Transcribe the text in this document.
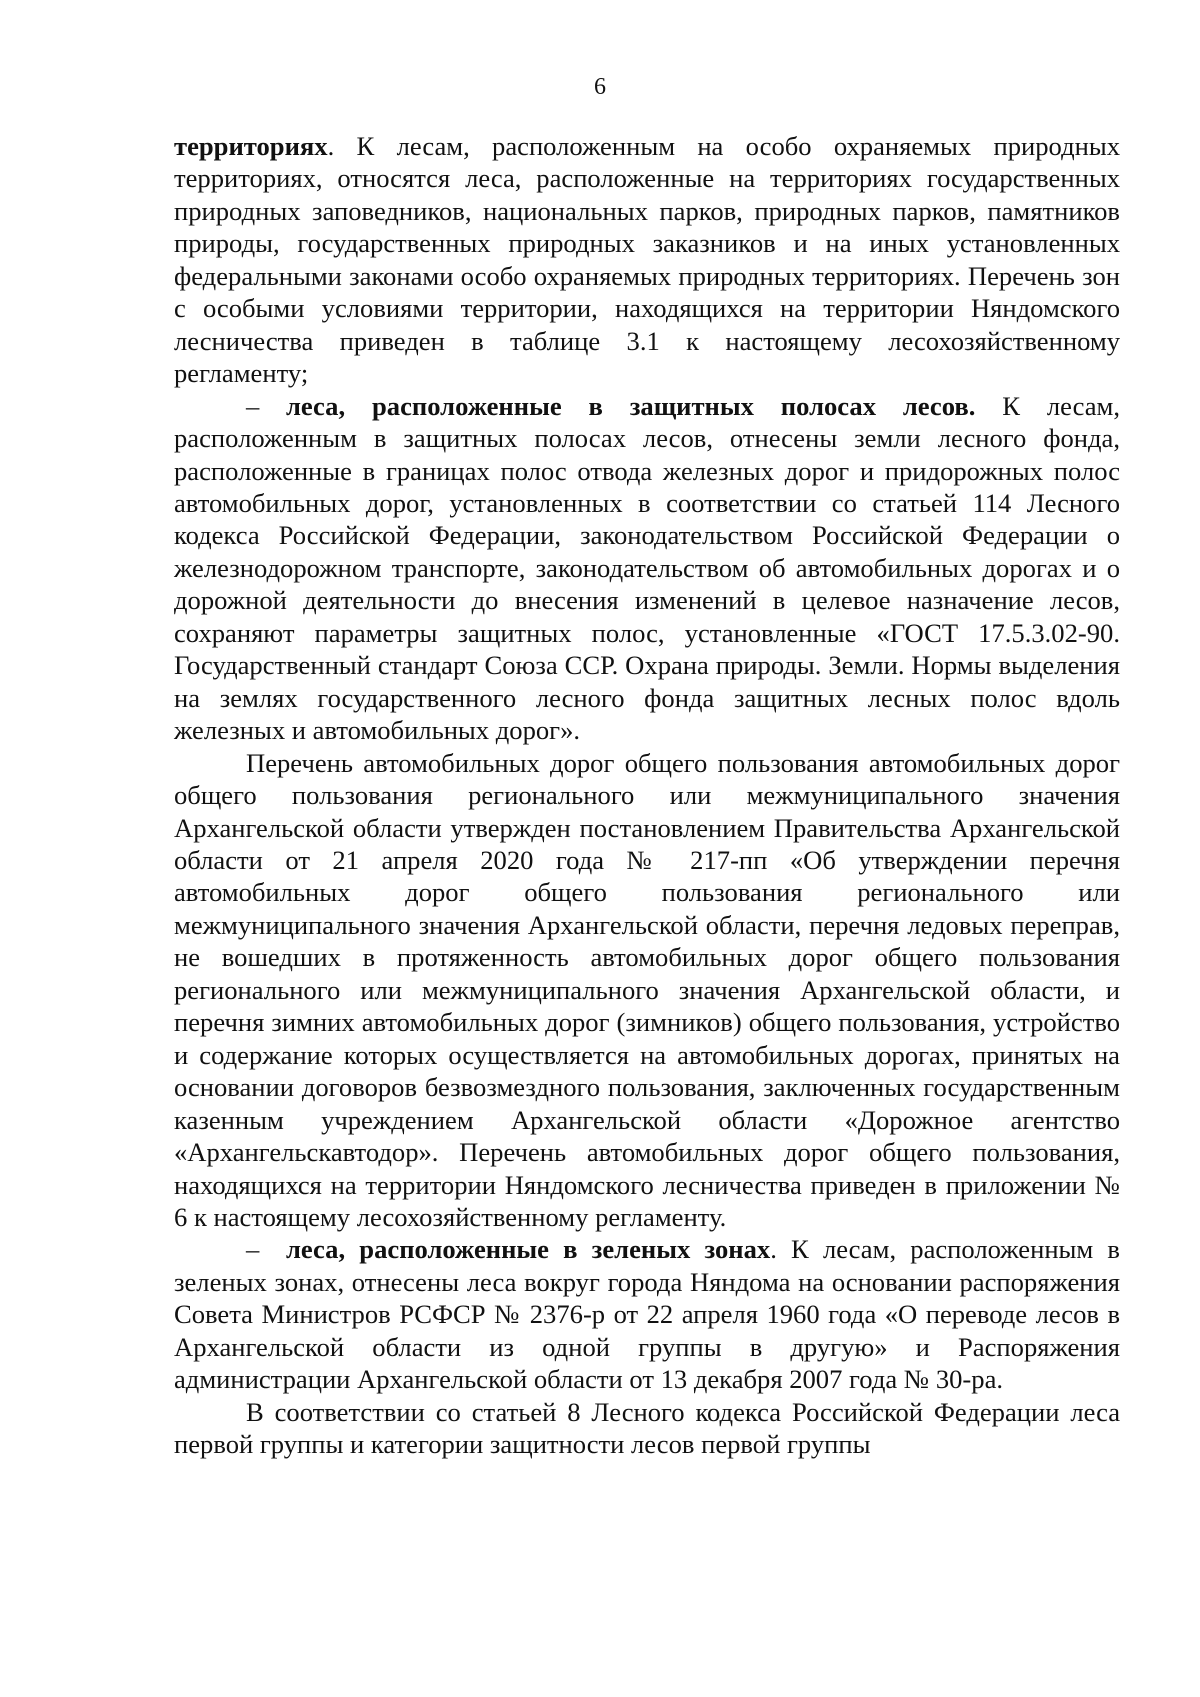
6

территориях. К лесам, расположенным на особо охраняемых природных территориях, относятся леса, расположенные на территориях государственных природных заповедников, национальных парков, природных парков, памятников природы, государственных природных заказников и на иных установленных федеральными законами особо охраняемых природных территориях. Перечень зон с особыми условиями территории, находящихся на территории Няндомского лесничества приведен в таблице 3.1 к настоящему лесохозяйственному регламенту;

– леса, расположенные в защитных полосах лесов. К лесам, расположенным в защитных полосах лесов, отнесены земли лесного фонда, расположенные в границах полос отвода железных дорог и придорожных полос автомобильных дорог, установленных в соответствии со статьей 114 Лесного кодекса Российской Федерации, законодательством Российской Федерации о железнодорожном транспорте, законодательством об автомобильных дорогах и о дорожной деятельности до внесения изменений в целевое назначение лесов, сохраняют параметры защитных полос, установленные «ГОСТ 17.5.3.02-90. Государственный стандарт Союза ССР. Охрана природы. Земли. Нормы выделения на землях государственного лесного фонда защитных лесных полос вдоль железных и автомобильных дорог».

Перечень автомобильных дорог общего пользования автомобильных дорог общего пользования регионального или межмуниципального значения Архангельской области утвержден постановлением Правительства Архангельской области от 21 апреля 2020 года № 217-пп «Об утверждении перечня автомобильных дорог общего пользования регионального или межмуниципального значения Архангельской области, перечня ледовых переправ, не вошедших в протяженность автомобильных дорог общего пользования регионального или межмуниципального значения Архангельской области, и перечня зимних автомобильных дорог (зимников) общего пользования, устройство и содержание которых осуществляется на автомобильных дорогах, принятых на основании договоров безвозмездного пользования, заключенных государственным казенным учреждением Архангельской области «Дорожное агентство «Архангельскавтодор». Перечень автомобильных дорог общего пользования, находящихся на территории Няндомского лесничества приведен в приложении № 6 к настоящему лесохозяйственному регламенту.

– леса, расположенные в зеленых зонах. К лесам, расположенным в зеленых зонах, отнесены леса вокруг города Няндома на основании распоряжения Совета Министров РСФСР № 2376-р от 22 апреля 1960 года «О переводе лесов в Архангельской области из одной группы в другую» и Распоряжения администрации Архангельской области от 13 декабря 2007 года № 30-ра.

В соответствии со статьей 8 Лесного кодекса Российской Федерации леса первой группы и категории защитности лесов первой группы
